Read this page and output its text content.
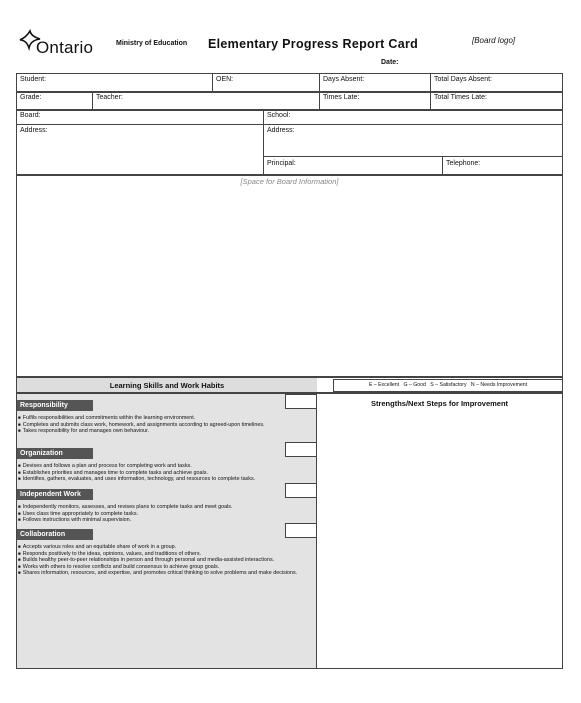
Ontario	Ministry of Education Elementary Progress Report Card	[Board logo]
Date:
Student:	OEN:	Days Absent:	Total Days Absent:
Grade:	Teacher:	Times Late:	Total Times Late:
Board:
Address:
School:
Address:
Principal:	Telephone:
[Space for Board Information]
Learning Skills and Work Habits	E – Excellent   G – Good   S – Satisfactory   N – Needs Improvement
Responsibility
■ Fulfils responsibilities and commitments within the learning environment.
■ Completes and submits class work, homework, and assignments according to agreed-upon timelines.
■ Takes responsibility for and manages own behaviour.
Organization
■ Devises and follows a plan and process for completing work and tasks.
■ Establishes priorities and manages time to complete tasks and achieve goals.
■ Identifies, gathers, evaluates, and uses information, technology, and resources to complete tasks.
Independent Work
■ Independently monitors, assesses, and revises plans to complete tasks and meet goals.
■ Uses class time appropriately to complete tasks.
■ Follows instructions with minimal supervision.
Collaboration
■ Accepts various roles and an equitable share of work in a group.
■ Responds positively to the ideas, opinions, values, and traditions of others.
■ Builds healthy peer-to-peer relationships in person and through personal and media-assisted interactions.
■ Works with others to resolve conflicts and build consensus to achieve group goals.
■ Shares information, resources, and expertise, and promotes critical thinking to solve problems and make decisions.
Strengths/Next Steps for Improvement
